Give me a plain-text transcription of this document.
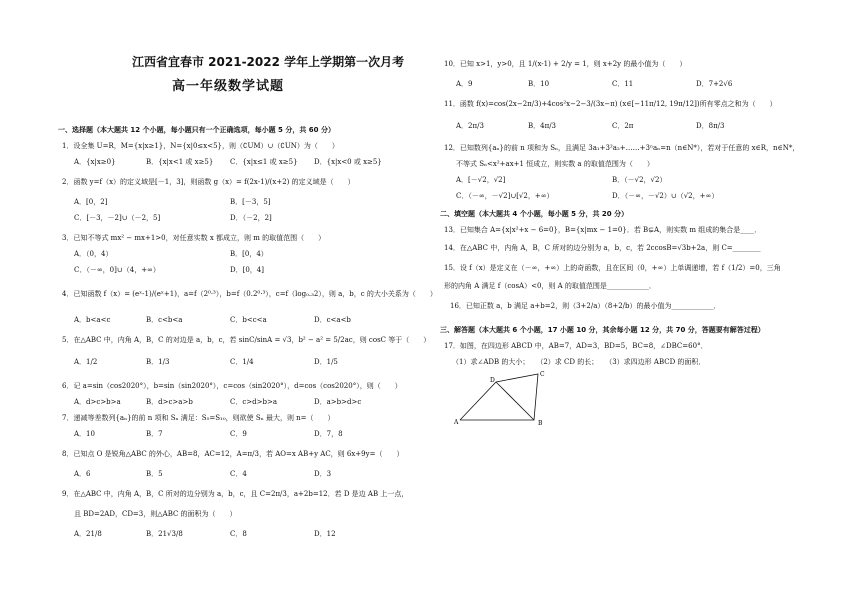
江西省宜春市 2021-2022 学年上学期第一次月考
高一年级数学试题
一、选择题（本大题共 12 个小题，每小题只有一个正确选项，每小题 5 分，共 60 分）
1．设全集 U=R，M={x|x≥1}，N={x|0≤x<5}，则（∁UM）∪（∁UN）为（　　）
A．{x|x≥0}	B．{x|x<1 或 x≥5} C．{x|x≤1 或 x≥5} D．{x|x<0 或 x≥5}
2．函数 y=f（x）的定义域是[－1，3]，则函数 g（x）= f(2x-1)/(x+2) 的定义域是（　　）
A．[0，2]	B．[－3，5]
C．[－3，－2]∪（－2，5]	D．（－2，2]
3．已知不等式 mx² − mx+1>0，对任意实数 x 都成立，则 m 的取值范围（　　）
A．（0，4）	B．[0，4）
C．（－∞，0]∪（4，+∞）	D．[0，4]
4．已知函数 f（x）= (eˣ-1)/(eˣ+1)，a=f（2⁰·³），b=f（0.2⁰·³），c=f（log₀.₃2），则 a，b，c 的大小关系为（　　）
A．b<a<c	B．c<b<a	C．b<c<a	D．c<a<b
5．在△ABC 中，内角 A，B，C 的对边是 a，b，c，若 sinC/sinA = √3，b² − a² = 5/2ac，则 cosC 等于（　　）
A．1/2	B．1/3	C．1/4	D．1/5
6．记 a=sin（cos2020°），b=sin（sin2020°），c=cos（sin2020°），d=cos（cos2020°），则（　　）
A．d>c>b>a	B．d>c>a>b	C．c>d>b>a	D．a>b>d>c
7．递减等差数列{aₙ}的前 n 项和 Sₙ 满足：S₅=S₁₀，则欲使 Sₙ 最大，则 n=（　　）
A．10	B．7	C．9	D．7，8
8．已知点 O 是锐角△ABC 的外心，AB=8，AC=12，A=π/3，若 AO=x AB+y AC，则 6x+9y=（　　）
A．6	B．5	C．4	D．3
9．在△ABC 中，内角 A，B，C 所对的边分别为 a，b，c，且 C=2π/3，a+2b=12．若 D 是边 AB 上一点，
且 BD=2AD，CD=3，则△ABC 的面积为（　　）
A．21/8	B．21√3/8	C．8	D．12
10．已知 x>1，y>0，且 1/(x-1) + 2/y = 1，则 x+2y 的最小值为（　　）
A．9	B．10	C．11	D．7+2√6
11．函数 f(x)=cos(2x−2π/3)+4cos²x−2−3/(3x−π) (x∈[−11π/12, 19π/12])所有零点之和为（　　）
A．2π/3	B．4π/3	C．2π	D．8π/3
12．已知数列{aₙ}的前 n 项和为 Sₙ，且满足 3a₁+3²a₂+……+3ⁿaₙ=n（n∈N*），若对于任意的 x∈R，n∈N*，
不等式 Sₙ<x²+ax+1 恒成立，则实数 a 的取值范围为（　　）
A．[－√2，√2]	B．（－√2，√2）
C．（－∞，－√2]∪[√2，+∞）	D．（－∞，－√2）∪（√2，+∞）
二、填空题（本大题共 4 个小题，每小题 5 分，共 20 分）
13．已知集合 A={x|x²+x − 6=0}，B={x|mx − 1=0}．若 B⊊A，则实数 m 组成的集合是____．
14．在△ABC 中，内角 A，B，C 所对的边分别为 a，b，c，若 2ccosB=√3b+2a，则 C=________
15．设 f（x）是定义在（－∞，+∞）上的奇函数，且在区间（0，+∞）上单调递增，若 f（1/2）=0，三角
形的内角 A 满足 f（cosA）<0，则 A 的取值范围是____________．
16．已知正数 a，b 满足 a+b=2，则（3+2/a）（8+2/b）的最小值为____________．
三、解答题（本大题共 6 个小题，17 小题 10 分，其余每小题 12 分，共 70 分，答题要有解答过程）
17．如图，在四边形 ABCD 中，AB=7，AD=3，BD=5，BC=8，∠DBC=60°．
（1）求∠ADB 的大小；　　（2）求 CD 的长；　　（3）求四边形 ABCD 的面积．
A	B
C
D
